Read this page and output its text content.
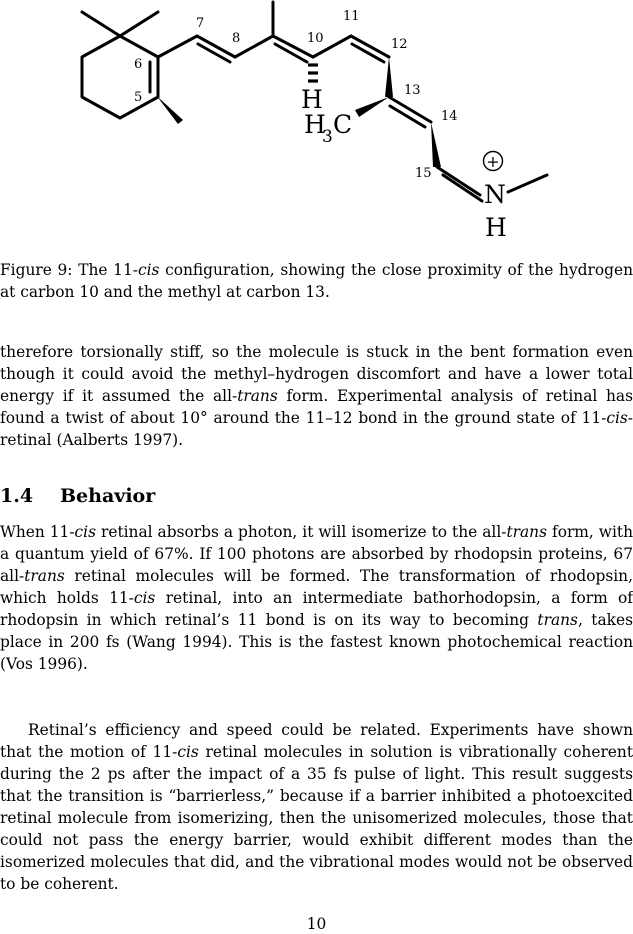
5
6
7
8	10
11
12
13
14
15
H
H C
N
H
3
+

Figure 9: The 11-cis configuration, showing the close proximity of the hydrogen at carbon 10 and the methyl at carbon 13.

therefore torsionally stiff, so the molecule is stuck in the bent formation even though it could avoid the methyl–hydrogen discomfort and have a lower total energy if it assumed the all-trans form. Experimental analysis of retinal has found a twist of about 10° around the 11–12 bond in the ground state of 11-cis-retinal (Aalberts 1997).

1.4 Behavior

When 11-cis retinal absorbs a photon, it will isomerize to the all-trans form, with a quantum yield of 67%. If 100 photons are absorbed by rhodopsin proteins, 67 all-trans retinal molecules will be formed. The transformation of rhodopsin, which holds 11-cis retinal, into an intermediate bathorhodopsin, a form of rhodopsin in which retinal’s 11 bond is on its way to becoming trans, takes place in 200 fs (Wang 1994). This is the fastest known photochemical reaction (Vos 1996).

Retinal’s efficiency and speed could be related. Experiments have shown that the motion of 11-cis retinal molecules in solution is vibrationally coherent during the 2 ps after the impact of a 35 fs pulse of light. This result suggests that the transition is “barrierless,” because if a barrier inhibited a photoexcited retinal molecule from isomerizing, then the unisomerized molecules, those that could not pass the energy barrier, would exhibit different modes than the isomerized molecules that did, and the vibrational modes would not be observed to be coherent.

10
